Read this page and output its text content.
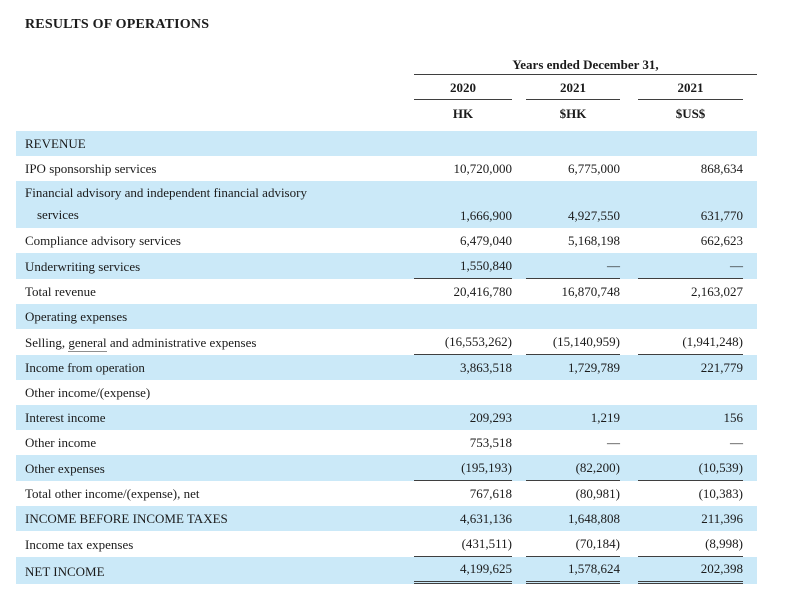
RESULTS OF OPERATIONS
Years ended December 31,
2020	2021	2021
HK	$HK	$US$
REVENUE
IPO sponsorship services	10,720,000	6,775,000	868,634
Financial advisory and independent financial advisory
services	1,666,900	4,927,550	631,770
Compliance advisory services	6,479,040	5,168,198	662,623
Underwriting services	1,550,840	—	—
Total revenue	20,416,780	16,870,748	2,163,027
Operating expenses
Selling, general and administrative expenses	(16,553,262)	(15,140,959)	(1,941,248)
Income from operation	3,863,518	1,729,789	221,779
Other income/(expense)
Interest income	209,293	1,219	156
Other income	753,518	—	—
Other expenses	(195,193)	(82,200)	(10,539)
Total other income/(expense), net	767,618	(80,981)	(10,383)
INCOME BEFORE INCOME TAXES	4,631,136	1,648,808	211,396
Income tax expenses	(431,511)	(70,184)	(8,998)
NET INCOME	4,199,625	1,578,624	202,398
